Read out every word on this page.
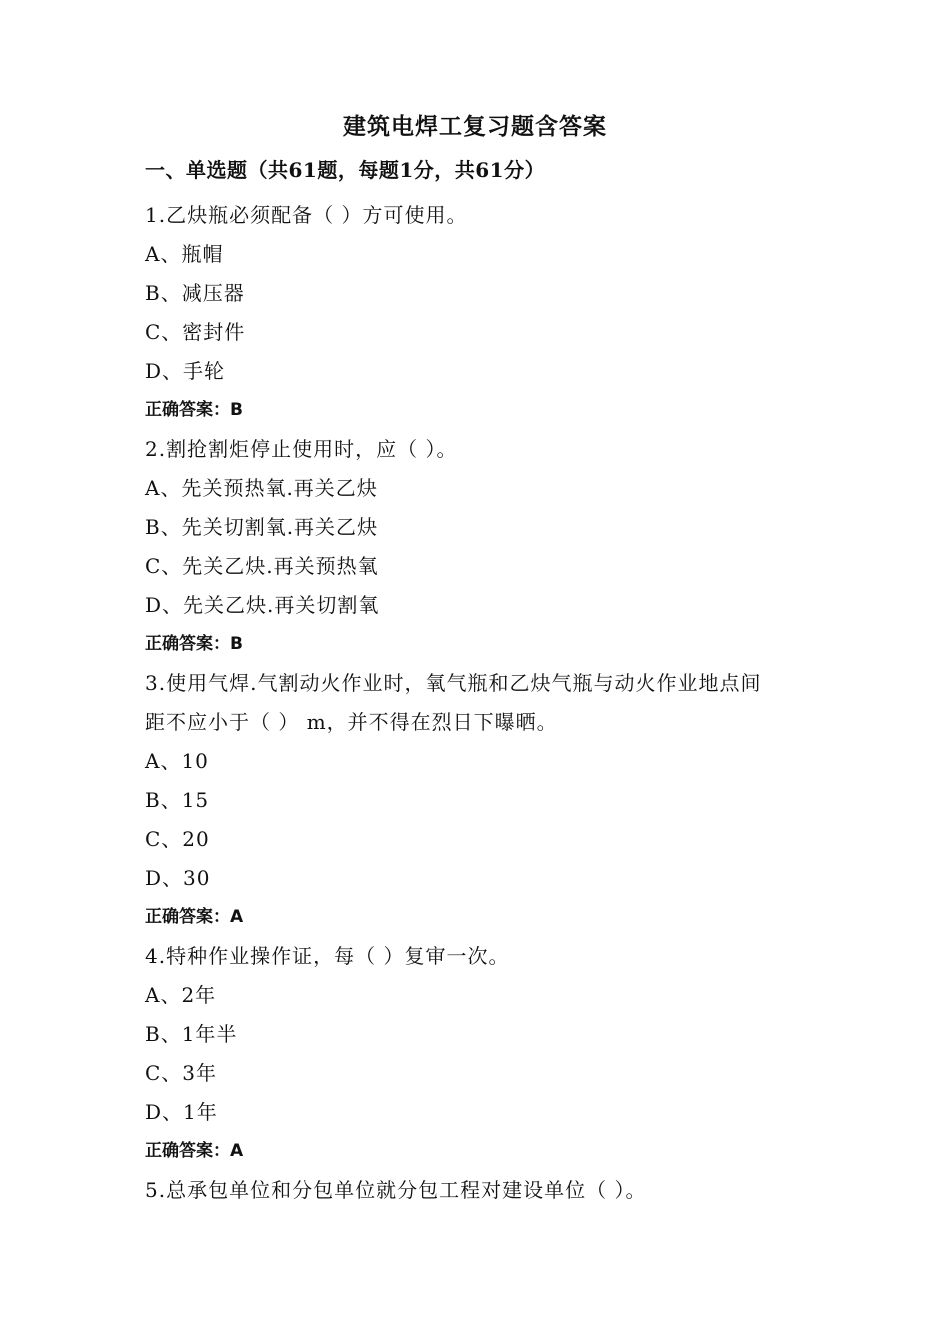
建筑电焊工复习题含答案
一、单选题（共61题，每题1分，共61分）
1.乙炔瓶必须配备（ ）方可使用。
A、瓶帽
B、减压器
C、密封件
D、手轮
正确答案：B
2.割抢割炬停止使用时，应（ ）。
A、先关预热氧.再关乙炔
B、先关切割氧.再关乙炔
C、先关乙炔.再关预热氧
D、先关乙炔.再关切割氧
正确答案：B
3.使用气焊.气割动火作业时，氧气瓶和乙炔气瓶与动火作业地点间
距不应小于（ ） m，并不得在烈日下曝晒。
A、10
B、15
C、20
D、30
正确答案：A
4.特种作业操作证，每（ ）复审一次。
A、2年
B、1年半
C、3年
D、1年
正确答案：A
5.总承包单位和分包单位就分包工程对建设单位（ ）。
